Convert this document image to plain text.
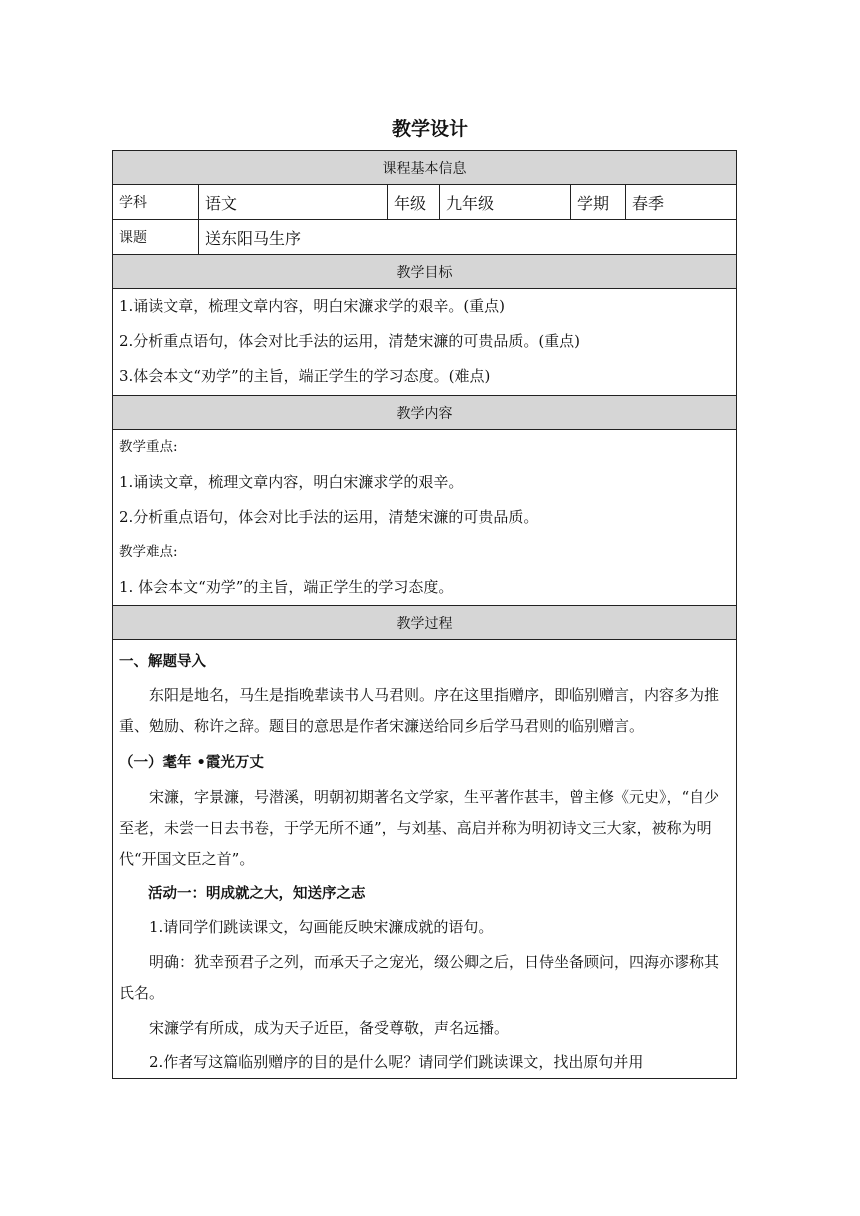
教学设计
课程基本信息
学科	语文	年级	九年级	学期	春季
课题	送东阳马生序
教学目标
1.诵读文章，梳理文章内容，明白宋濂求学的艰辛。(重点)
2.分析重点语句，体会对比手法的运用，清楚宋濂的可贵品质。(重点)
3.体会本文“劝学”的主旨，端正学生的学习态度。(难点)
教学内容
教学重点:
1.诵读文章，梳理文章内容，明白宋濂求学的艰辛。
2.分析重点语句，体会对比手法的运用，清楚宋濂的可贵品质。
教学难点:
1. 体会本文“劝学”的主旨，端正学生的学习态度。
教学过程
一、解题导入
东阳是地名，马生是指晚辈读书人马君则。序在这里指赠序，即临别赠言，内容多为推重、勉励、称许之辞。题目的意思是作者宋濂送给同乡后学马君则的临别赠言。
（一）耄年 •霞光万丈
宋濂，字景濂，号潜溪，明朝初期著名文学家，生平著作甚丰，曾主修《元史》，“自少至老，未尝一日去书卷，于学无所不通”，与刘基、高启并称为明初诗文三大家，被称为明代“开国文臣之首”。
活动一：明成就之大，知送序之志
1.请同学们跳读课文，勾画能反映宋濂成就的语句。
明确：犹幸预君子之列，而承天子之宠光，缀公卿之后，日侍坐备顾问，四海亦谬称其氏名。
宋濂学有所成，成为天子近臣，备受尊敬，声名远播。
2.作者写这篇临别赠序的目的是什么呢？请同学们跳读课文，找出原句并用
